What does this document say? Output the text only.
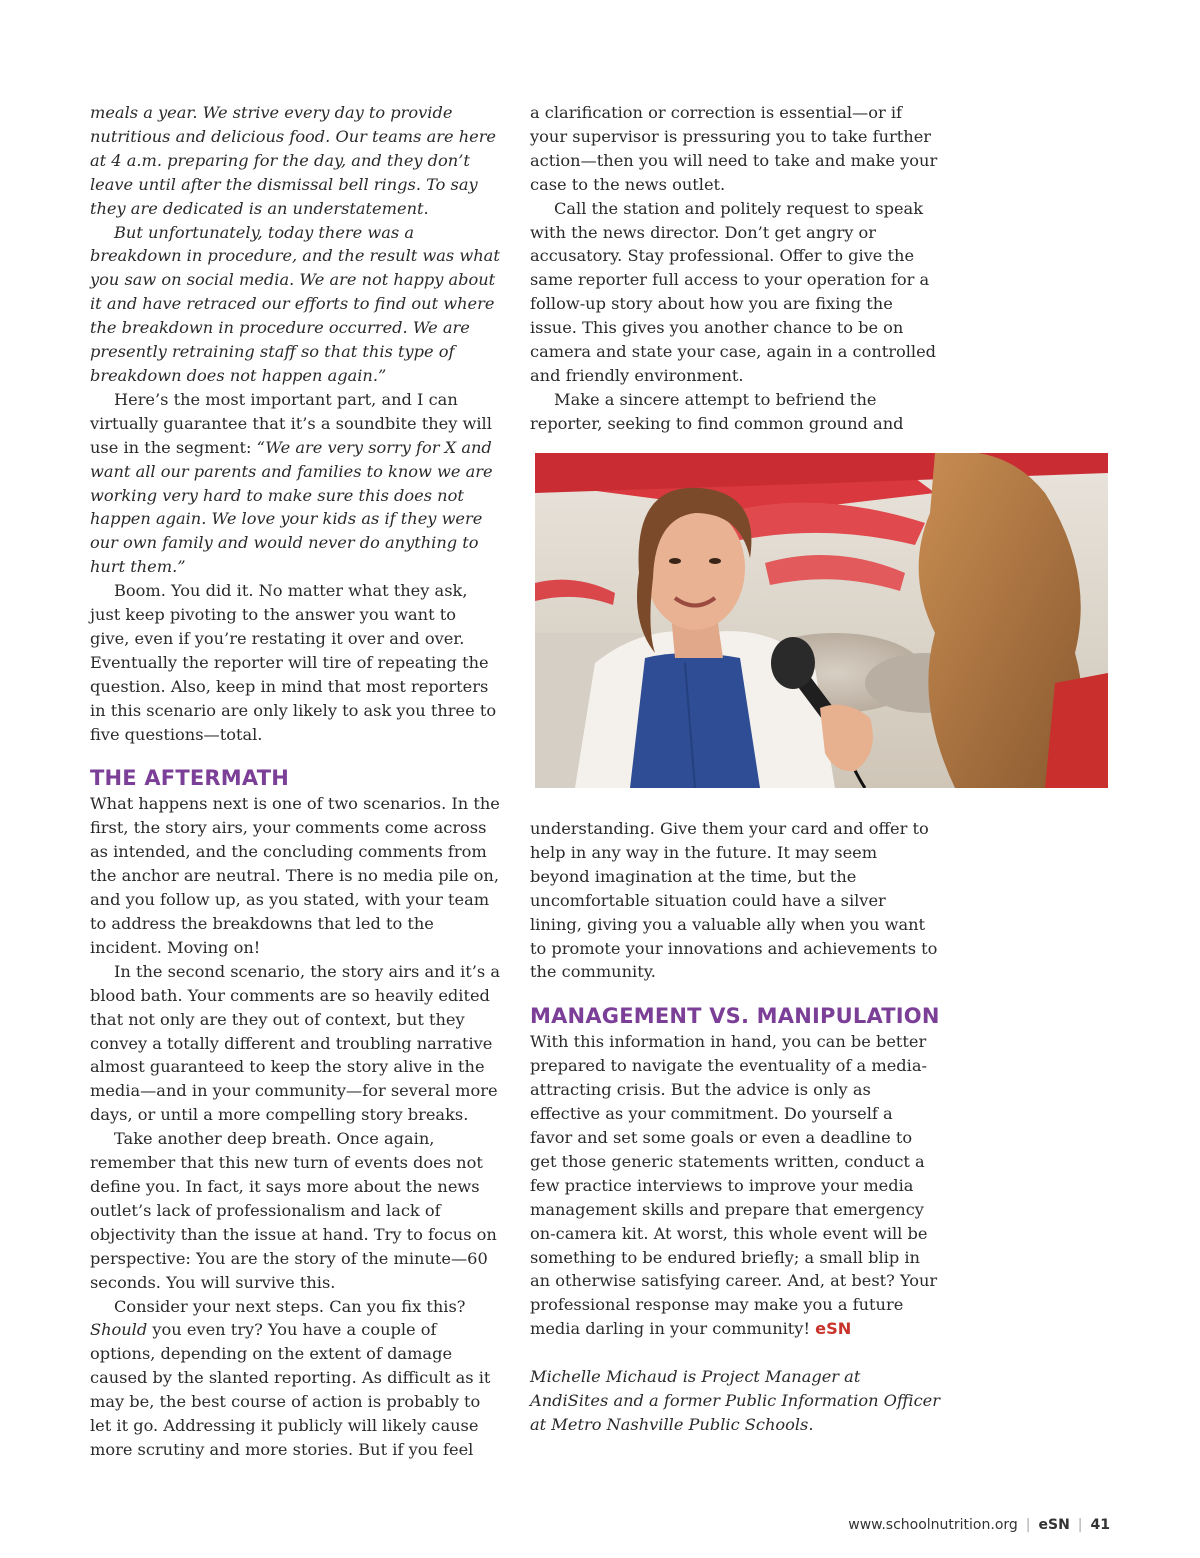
meals a year. We strive every day to provide nutritious and delicious food. Our teams are here at 4 a.m. preparing for the day, and they don’t leave until after the dismissal bell rings. To say they are dedicated is an understatement.

But unfortunately, today there was a breakdown in procedure, and the result was what you saw on social media. We are not happy about it and have retraced our efforts to find out where the breakdown in procedure occurred. We are presently retraining staff so that this type of breakdown does not happen again.”

Here’s the most important part, and I can virtually guarantee that it’s a soundbite they will use in the segment: “We are very sorry for X and want all our parents and families to know we are working very hard to make sure this does not happen again. We love your kids as if they were our own family and would never do anything to hurt them.”

Boom. You did it. No matter what they ask, just keep pivoting to the answer you want to give, even if you’re restating it over and over. Eventually the reporter will tire of repeating the question. Also, keep in mind that most reporters in this scenario are only likely to ask you three to five questions—total.

THE AFTERMATH

What happens next is one of two scenarios. In the first, the story airs, your comments come across as intended, and the concluding comments from the anchor are neutral. There is no media pile on, and you follow up, as you stated, with your team to address the breakdowns that led to the incident. Moving on!

In the second scenario, the story airs and it’s a blood bath. Your comments are so heavily edited that not only are they out of context, but they convey a totally different and troubling narrative almost guaranteed to keep the story alive in the media—and in your community—for several more days, or until a more compelling story breaks.

Take another deep breath. Once again, remember that this new turn of events does not define you. In fact, it says more about the news outlet’s lack of professionalism and lack of objectivity than the issue at hand. Try to focus on perspective: You are the story of the minute—60 seconds. You will survive this.

Consider your next steps. Can you fix this? Should you even try? You have a couple of options, depending on the extent of damage caused by the slanted reporting. As difficult as it may be, the best course of action is probably to let it go. Addressing it publicly will likely cause more scrutiny and more stories. But if you feel

a clarification or correction is essential—or if your supervisor is pressuring you to take further action—then you will need to take and make your case to the news outlet.

Call the station and politely request to speak with the news director. Don’t get angry or accusatory. Stay professional. Offer to give the same reporter full access to your operation for a follow-up story about how you are fixing the issue. This gives you another chance to be on camera and state your case, again in a controlled and friendly environment.

Make a sincere attempt to befriend the reporter, seeking to find common ground and

understanding. Give them your card and offer to help in any way in the future. It may seem beyond imagination at the time, but the uncomfortable situation could have a silver lining, giving you a valuable ally when you want to promote your innovations and achievements to the community.

MANAGEMENT VS. MANIPULATION

With this information in hand, you can be better prepared to navigate the eventuality of a media-attracting crisis. But the advice is only as effective as your commitment. Do yourself a favor and set some goals or even a deadline to get those generic statements written, conduct a few practice interviews to improve your media management skills and prepare that emergency on-camera kit. At worst, this whole event will be something to be endured briefly; a small blip in an otherwise satisfying career. And, at best? Your professional response may make you a future media darling in your community! eSN

Michelle Michaud is Project Manager at AndiSites and a former Public Information Officer at Metro Nashville Public Schools.

www.schoolnutrition.org | eSN | 41
